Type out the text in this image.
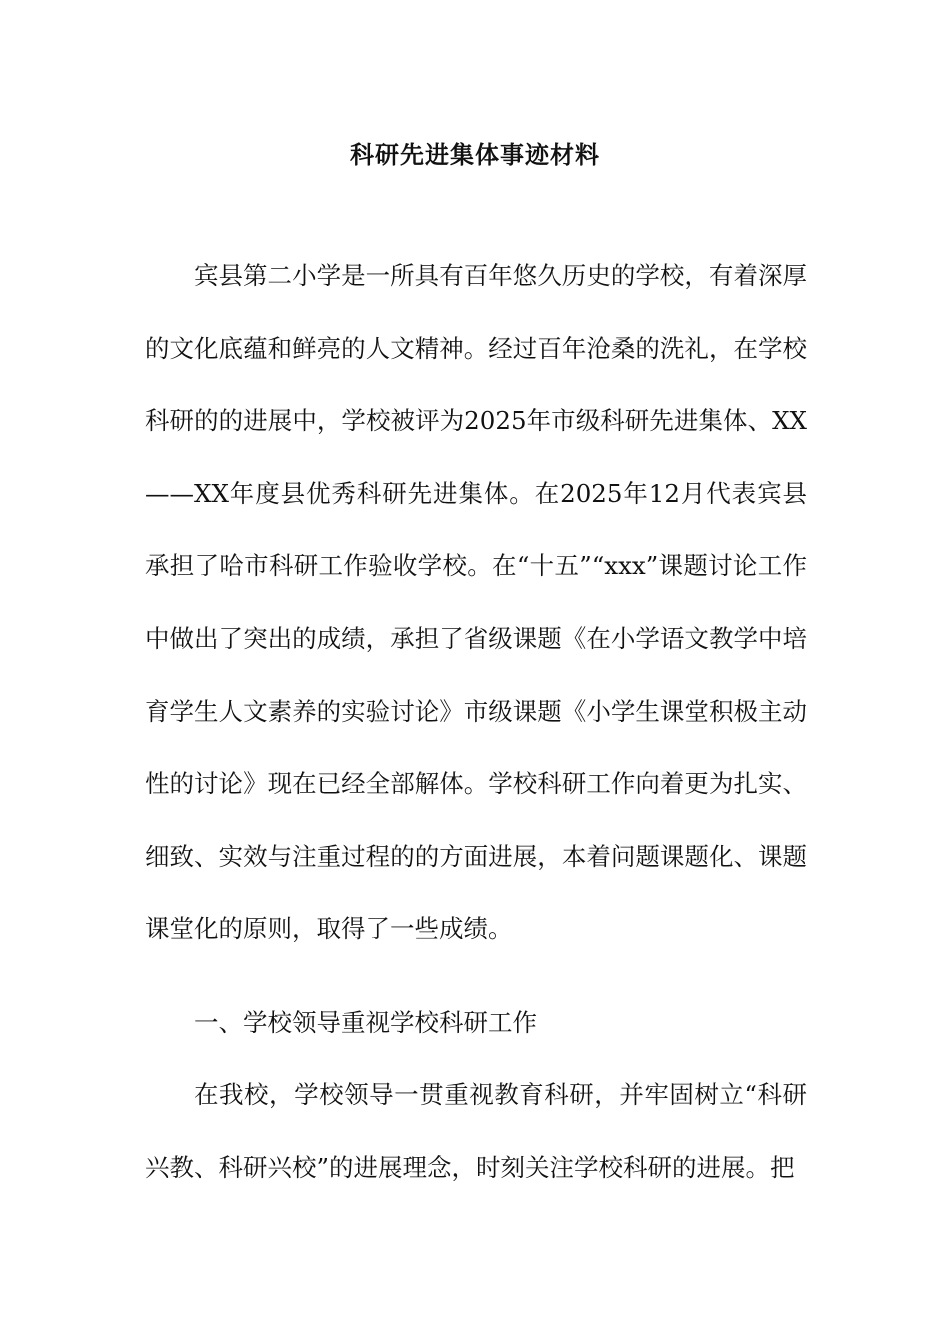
科研先进集体事迹材料

宾县第二小学是一所具有百年悠久历史的学校，有着深厚的文化底蕴和鲜亮的人文精神。经过百年沧桑的洗礼，在学校科研的的进展中，学校被评为2025年市级科研先进集体、XX——XX年度县优秀科研先进集体。在2025年12月代表宾县承担了哈市科研工作验收学校。在“十五”“xxx”课题讨论工作中做出了突出的成绩，承担了省级课题《在小学语文教学中培育学生人文素养的实验讨论》市级课题《小学生课堂积极主动性的讨论》现在已经全部解体。学校科研工作向着更为扎实、细致、实效与注重过程的的方面进展，本着问题课题化、课题课堂化的原则，取得了一些成绩。

一、学校领导重视学校科研工作

在我校，学校领导一贯重视教育科研，并牢固树立“科研兴教、科研兴校”的进展理念，时刻关注学校科研的进展。把
